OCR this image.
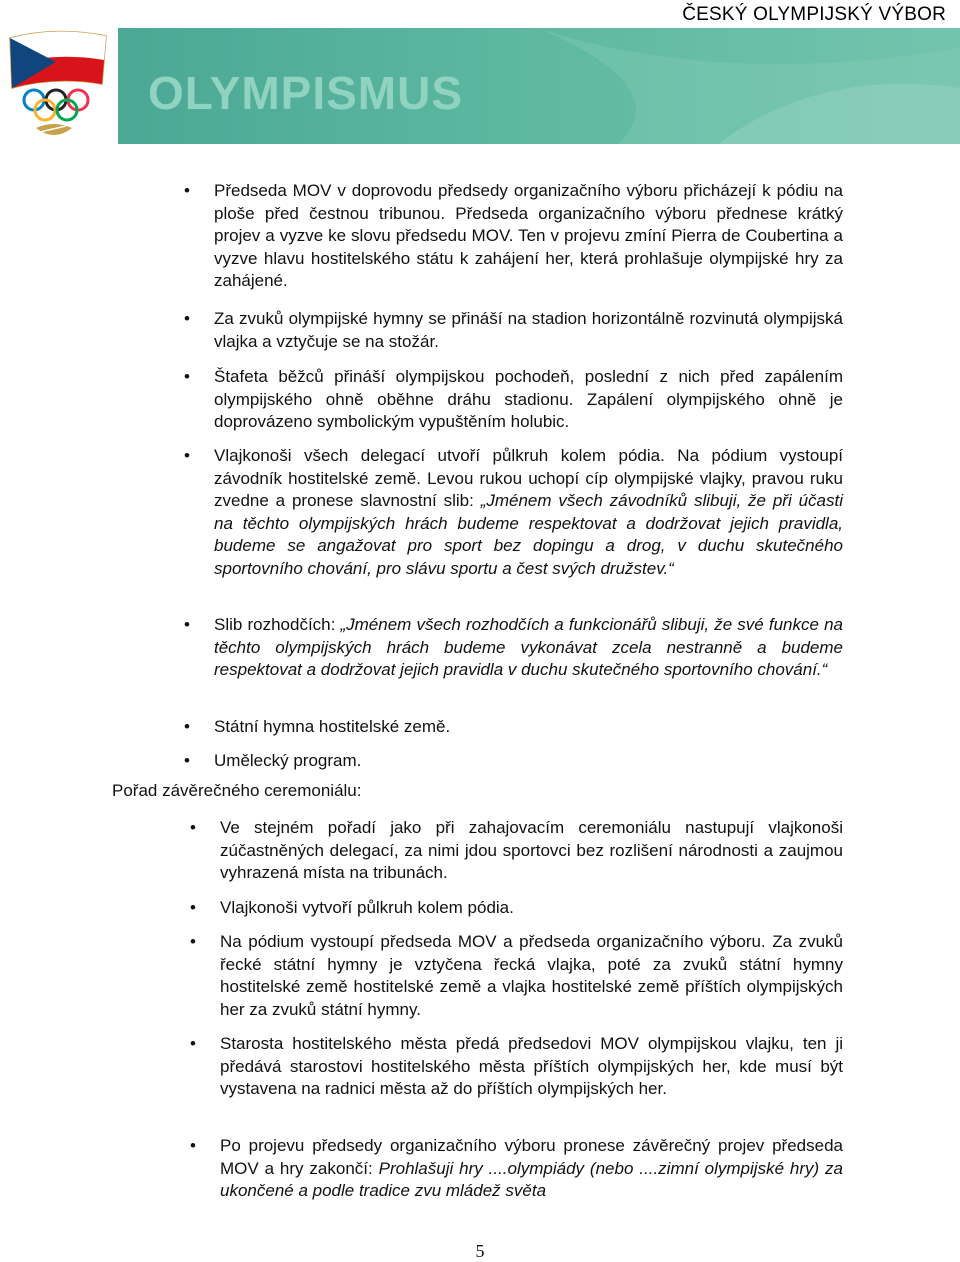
ČESKÝ OLYMPIJSKÝ VÝBOR
OLYMPISMUS
• Předseda MOV v doprovodu předsedy organizačního výboru přicházejí k pódiu na ploše před čestnou tribunou. Předseda organizačního výboru přednese krátký projev a vyzve ke slovu předsedu MOV. Ten v projevu zmíní Pierra de Coubertina a vyzve hlavu hostitelského státu k zahájení her, která prohlašuje olympijské hry za zahájené.
• Za zvuků olympijské hymny se přináší na stadion horizontálně rozvinutá olympijská vlajka a vztyčuje se na stožár.
• Štafeta běžců přináší olympijskou pochodeň, poslední z nich před zapálením olympijského ohně oběhne dráhu stadionu. Zapálení olympijského ohně je doprovázeno symbolickým vypuštěním holubic.
• Vlajkonoši všech delegací utvoří půlkruh kolem pódia. Na pódium vystoupí závodník hostitelské země. Levou rukou uchopí cíp olympijské vlajky, pravou ruku zvedne a pronese slavnostní slib: „Jménem všech závodníků slibuji, že při účasti na těchto olympijských hrách budeme respektovat a dodržovat jejich pravidla, budeme se angažovat pro sport bez dopingu a drog, v duchu skutečného sportovního chování, pro slávu sportu a čest svých družstev.“
• Slib rozhodčích: „Jménem všech rozhodčích a funkcionářů slibuji, že své funkce na těchto olympijských hrách budeme vykonávat zcela nestranně a budeme respektovat a dodržovat jejich pravidla v duchu skutečného sportovního chování.“
• Státní hymna hostitelské země.
• Umělecký program.
Pořad závěrečného ceremoniálu:
• Ve stejném pořadí jako při zahajovacím ceremoniálu nastupují vlajkonoši zúčastněných delegací, za nimi jdou sportovci bez rozlišení národnosti a zaujmou vyhrazená místa na tribunách.
• Vlajkonoši vytvoří půlkruh kolem pódia.
• Na pódium vystoupí předseda MOV a předseda organizačního výboru. Za zvuků řecké státní hymny je vztyčena řecká vlajka, poté za zvuků státní hymny hostitelské země hostitelské země a vlajka hostitelské země příštích olympijských her za zvuků státní hymny.
• Starosta hostitelského města předá předsedovi MOV olympijskou vlajku, ten ji předává starostovi hostitelského města příštích olympijských her, kde musí být vystavena na radnici města až do příštích olympijských her.
• Po projevu předsedy organizačního výboru pronese závěrečný projev předseda MOV a hry zakončí: Prohlašuji hry ....olympiády (nebo ....zimní olympijské hry) za ukončené a podle tradice zvu mládež světa
5
